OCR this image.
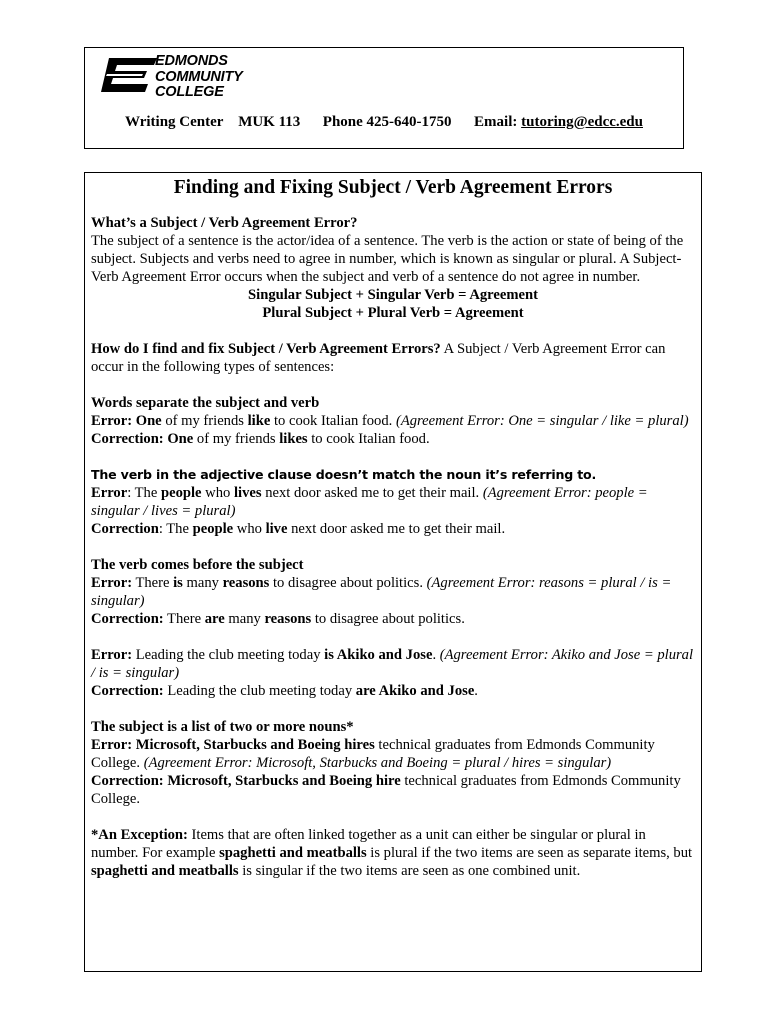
EDMONDS
COMMUNITY
COLLEGE
Writing Center MUK 113 Phone 425-640-1750 Email: tutoring@edcc.edu
Finding and Fixing Subject / Verb Agreement Errors

What’s a Subject / Verb Agreement Error?

The subject of a sentence is the actor/idea of a sentence. The verb is the action or state of being of the subject. Subjects and verbs need to agree in number, which is known as singular or plural. A Subject-Verb Agreement Error occurs when the subject and verb of a sentence do not agree in number.

Singular Subject + Singular Verb = Agreement

Plural Subject + Plural Verb = Agreement

How do I find and fix Subject / Verb Agreement Errors? A Subject / Verb Agreement Error can occur in the following types of sentences:

Words separate the subject and verb

Error: One of my friends like to cook Italian food. (Agreement Error: One = singular / like = plural)

Correction: One of my friends likes to cook Italian food.

The verb in the adjective clause doesn’t match the noun it’s referring to.

Error: The people who lives next door asked me to get their mail. (Agreement Error: people = singular / lives = plural)

Correction: The people who live next door asked me to get their mail.

The verb comes before the subject

Error: There is many reasons to disagree about politics. (Agreement Error: reasons = plural / is = singular)

Correction: There are many reasons to disagree about politics.

Error: Leading the club meeting today is Akiko and Jose. (Agreement Error: Akiko and Jose = plural / is = singular)

Correction: Leading the club meeting today are Akiko and Jose.

The subject is a list of two or more nouns*

Error: Microsoft, Starbucks and Boeing hires technical graduates from Edmonds Community College. (Agreement Error: Microsoft, Starbucks and Boeing = plural / hires = singular)

Correction: Microsoft, Starbucks and Boeing hire technical graduates from Edmonds Community College.

*An Exception: Items that are often linked together as a unit can either be singular or plural in number. For example spaghetti and meatballs is plural if the two items are seen as separate items, but spaghetti and meatballs is singular if the two items are seen as one combined unit.
